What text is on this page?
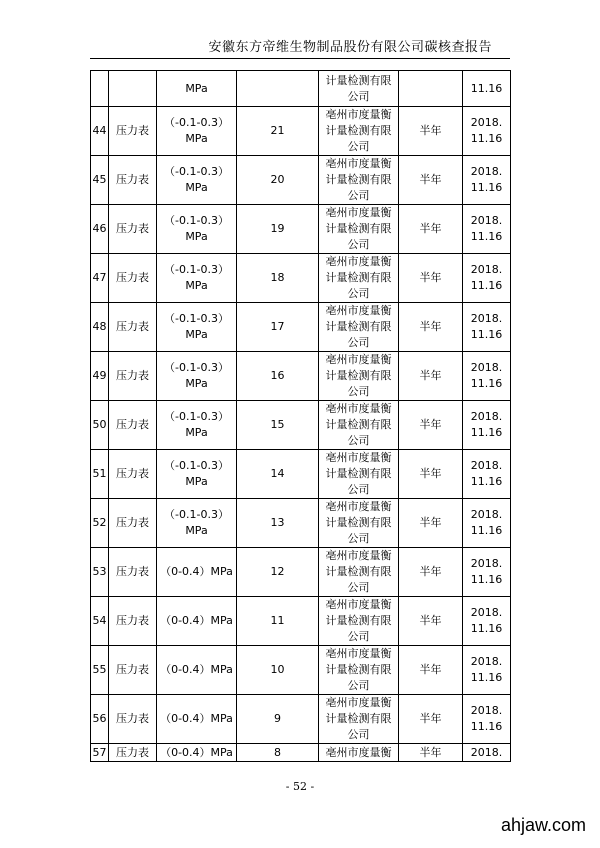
安徽东方帝维生物制品股份有限公司碳核查报告

		MPa		计量检测有限
公司		11.16

44	压力表	（-0.1-0.3）
MPa	21	亳州市度量衡
计量检测有限
公司	半年	2018.
11.16

45	压力表	（-0.1-0.3）
MPa	20	亳州市度量衡
计量检测有限
公司	半年	2018.
11.16

46	压力表	（-0.1-0.3）
MPa	19	亳州市度量衡
计量检测有限
公司	半年	2018.
11.16

47	压力表	（-0.1-0.3）
MPa	18	亳州市度量衡
计量检测有限
公司	半年	2018.
11.16

48	压力表	（-0.1-0.3）
MPa	17	亳州市度量衡
计量检测有限
公司	半年	2018.
11.16

49	压力表	（-0.1-0.3）
MPa	16	亳州市度量衡
计量检测有限
公司	半年	2018.
11.16

50	压力表	（-0.1-0.3）
MPa	15	亳州市度量衡
计量检测有限
公司	半年	2018.
11.16

51	压力表	（-0.1-0.3）
MPa	14	亳州市度量衡
计量检测有限
公司	半年	2018.
11.16

52	压力表	（-0.1-0.3）
MPa	13	亳州市度量衡
计量检测有限
公司	半年	2018.
11.16

53	压力表	（0-0.4）MPa	12	亳州市度量衡
计量检测有限
公司	半年	2018.
11.16

54	压力表	（0-0.4）MPa	11	亳州市度量衡
计量检测有限
公司	半年	2018.
11.16

55	压力表	（0-0.4）MPa	10	亳州市度量衡
计量检测有限
公司	半年	2018.
11.16

56	压力表	（0-0.4）MPa	9	亳州市度量衡
计量检测有限
公司	半年	2018.
11.16

57	压力表	（0-0.4）MPa	8	亳州市度量衡	半年	2018.
- 52 -
ahjaw.com
